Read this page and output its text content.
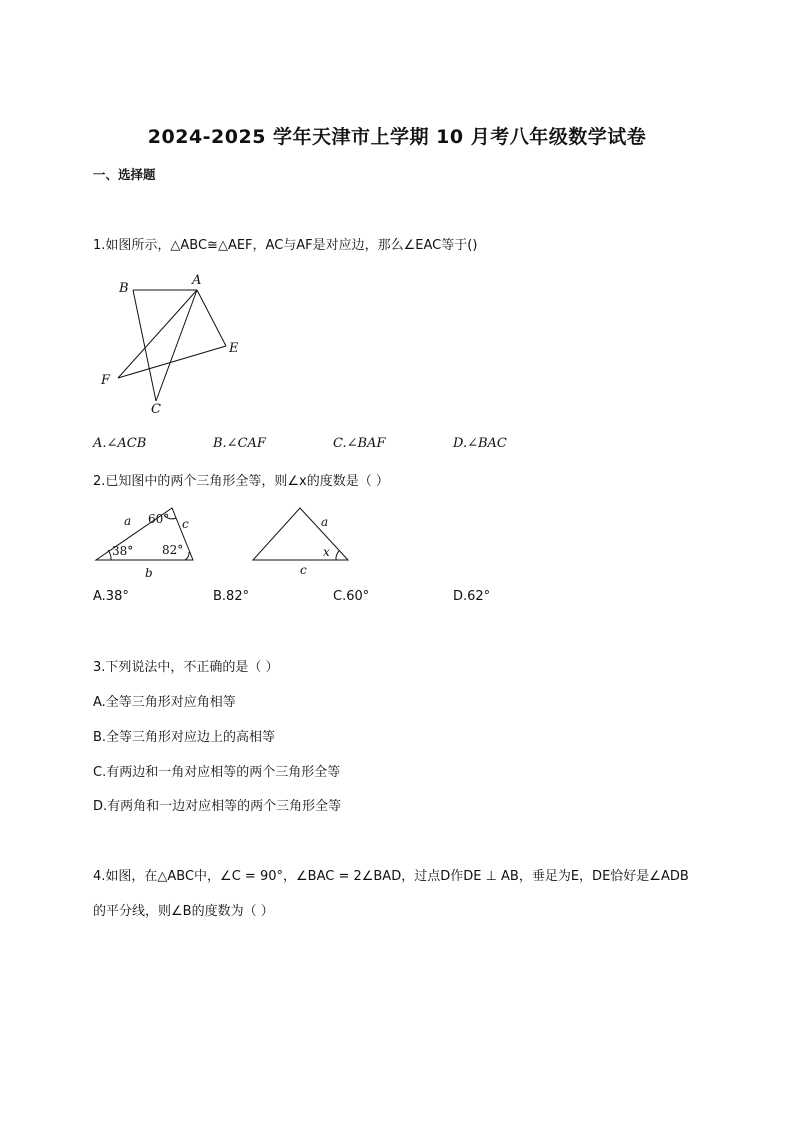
2024-2025 学年天津市上学期 10 月考八年级数学试卷
一、选择题
1.如图所示，△ABC≅△AEF，AC与AF是对应边，那么∠EAC等于()
B
A
E
F
C
A.∠ACB	B.∠CAF	C.∠BAF	D.∠BAC
2.已知图中的两个三角形全等，则∠x的度数是（ ）
a	c
b
60°
38° 82°
a
c
x
A.38°	B.82°	C.60°	D.62°
3.下列说法中，不正确的是（ ）
A.全等三角形对应角相等
B.全等三角形对应边上的高相等
C.有两边和一角对应相等的两个三角形全等
D.有两角和一边对应相等的两个三角形全等
4.如图，在△ABC中，∠C = 90°，∠BAC = 2∠BAD，过点D作DE ⊥ AB，垂足为E，DE恰好是∠ADB
的平分线，则∠B的度数为（ ）
